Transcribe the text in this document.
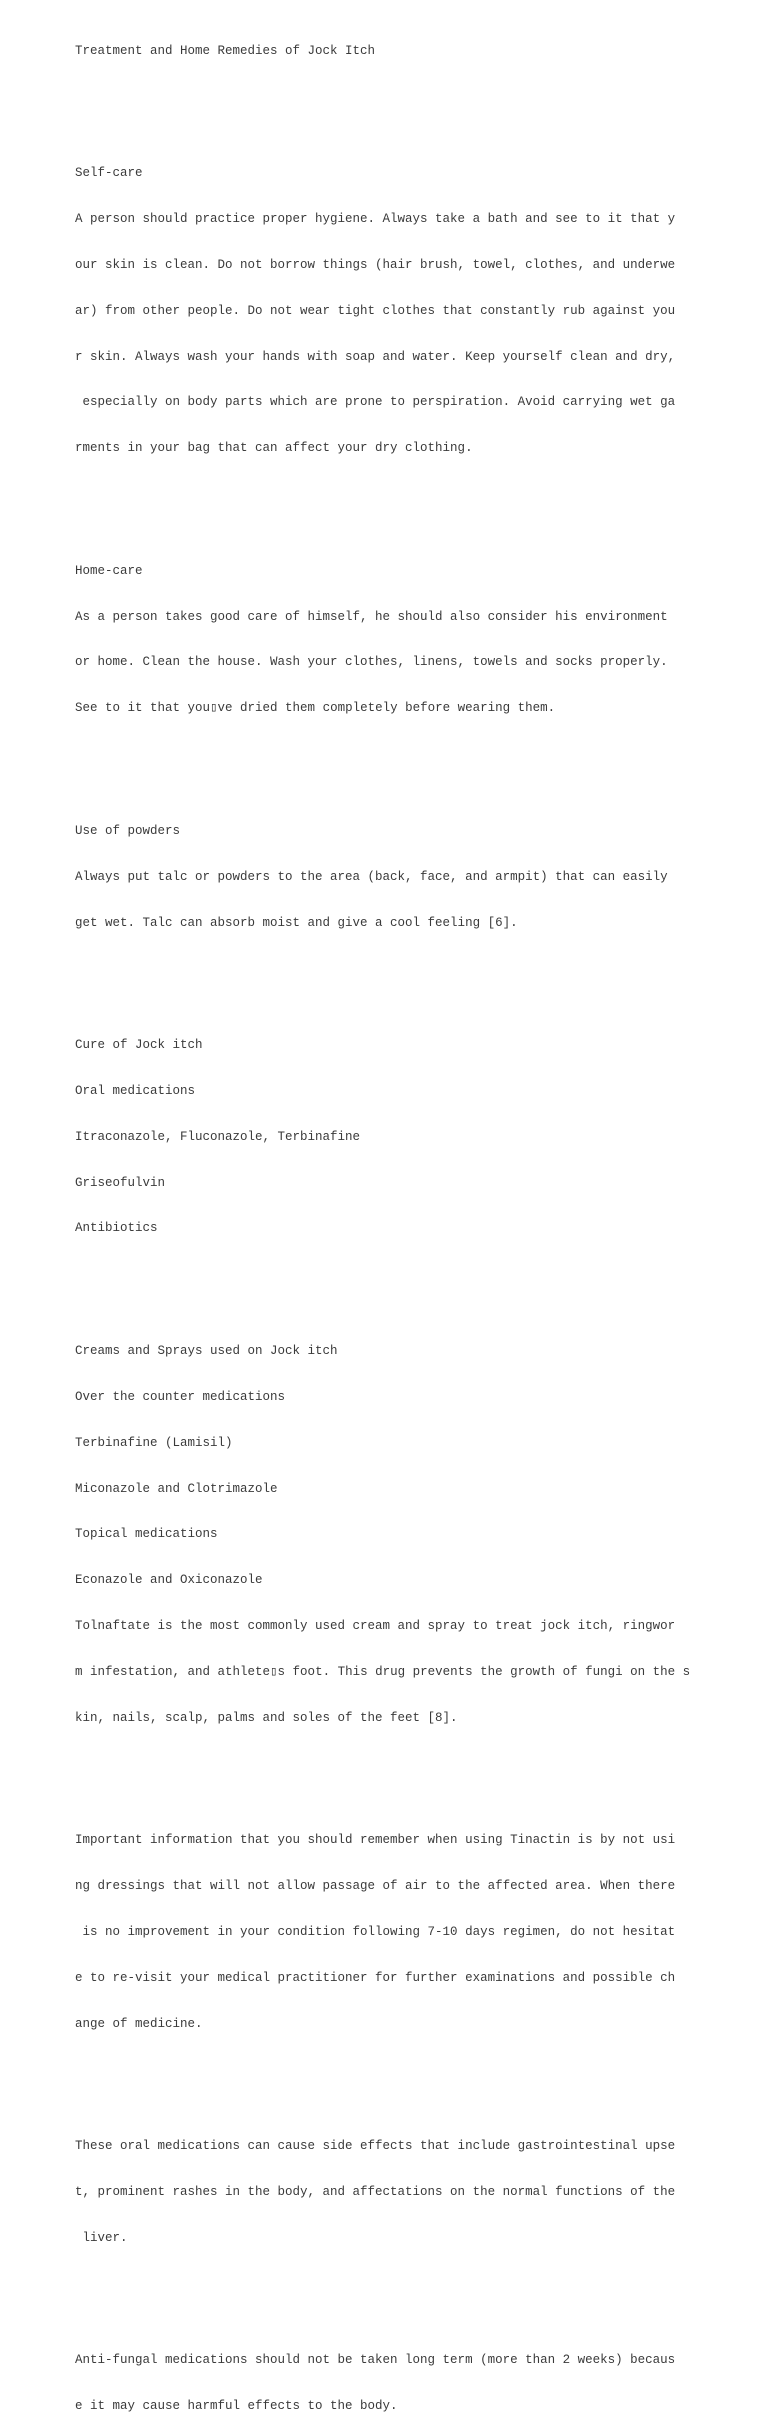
Treatment and Home Remedies of Jock Itch

Self-care

A person should practice proper hygiene. Always take a bath and see to it that y

our skin is clean. Do not borrow things (hair brush, towel, clothes, and underwe

ar) from other people. Do not wear tight clothes that constantly rub against you

r skin. Always wash your hands with soap and water. Keep yourself clean and dry,

especially on body parts which are prone to perspiration. Avoid carrying wet ga

rments in your bag that can affect your dry clothing.

Home-care

As a person takes good care of himself, he should also consider his environment

or home. Clean the house. Wash your clothes, linens, towels and socks properly.

See to it that you▯ve dried them completely before wearing them.

Use of powders

Always put talc or powders to the area (back, face, and armpit) that can easily

get wet. Talc can absorb moist and give a cool feeling [6].

Cure of Jock itch

Oral medications

Itraconazole, Fluconazole, Terbinafine

Griseofulvin

Antibiotics

Creams and Sprays used on Jock itch

Over the counter medications

Terbinafine (Lamisil)

Miconazole and Clotrimazole

Topical medications

Econazole and Oxiconazole

Tolnaftate is the most commonly used cream and spray to treat jock itch, ringwor

m infestation, and athlete▯s foot. This drug prevents the growth of fungi on the s

kin, nails, scalp, palms and soles of the feet [8].

Important information that you should remember when using Tinactin is by not usi

ng dressings that will not allow passage of air to the affected area. When there

is no improvement in your condition following 7-10 days regimen, do not hesitat

e to re-visit your medical practitioner for further examinations and possible ch

ange of medicine.

These oral medications can cause side effects that include gastrointestinal upse

t, prominent rashes in the body, and affectations on the normal functions of the

liver.

Anti-fungal medications should not be taken long term (more than 2 weeks) becaus

e it may cause harmful effects to the body.
